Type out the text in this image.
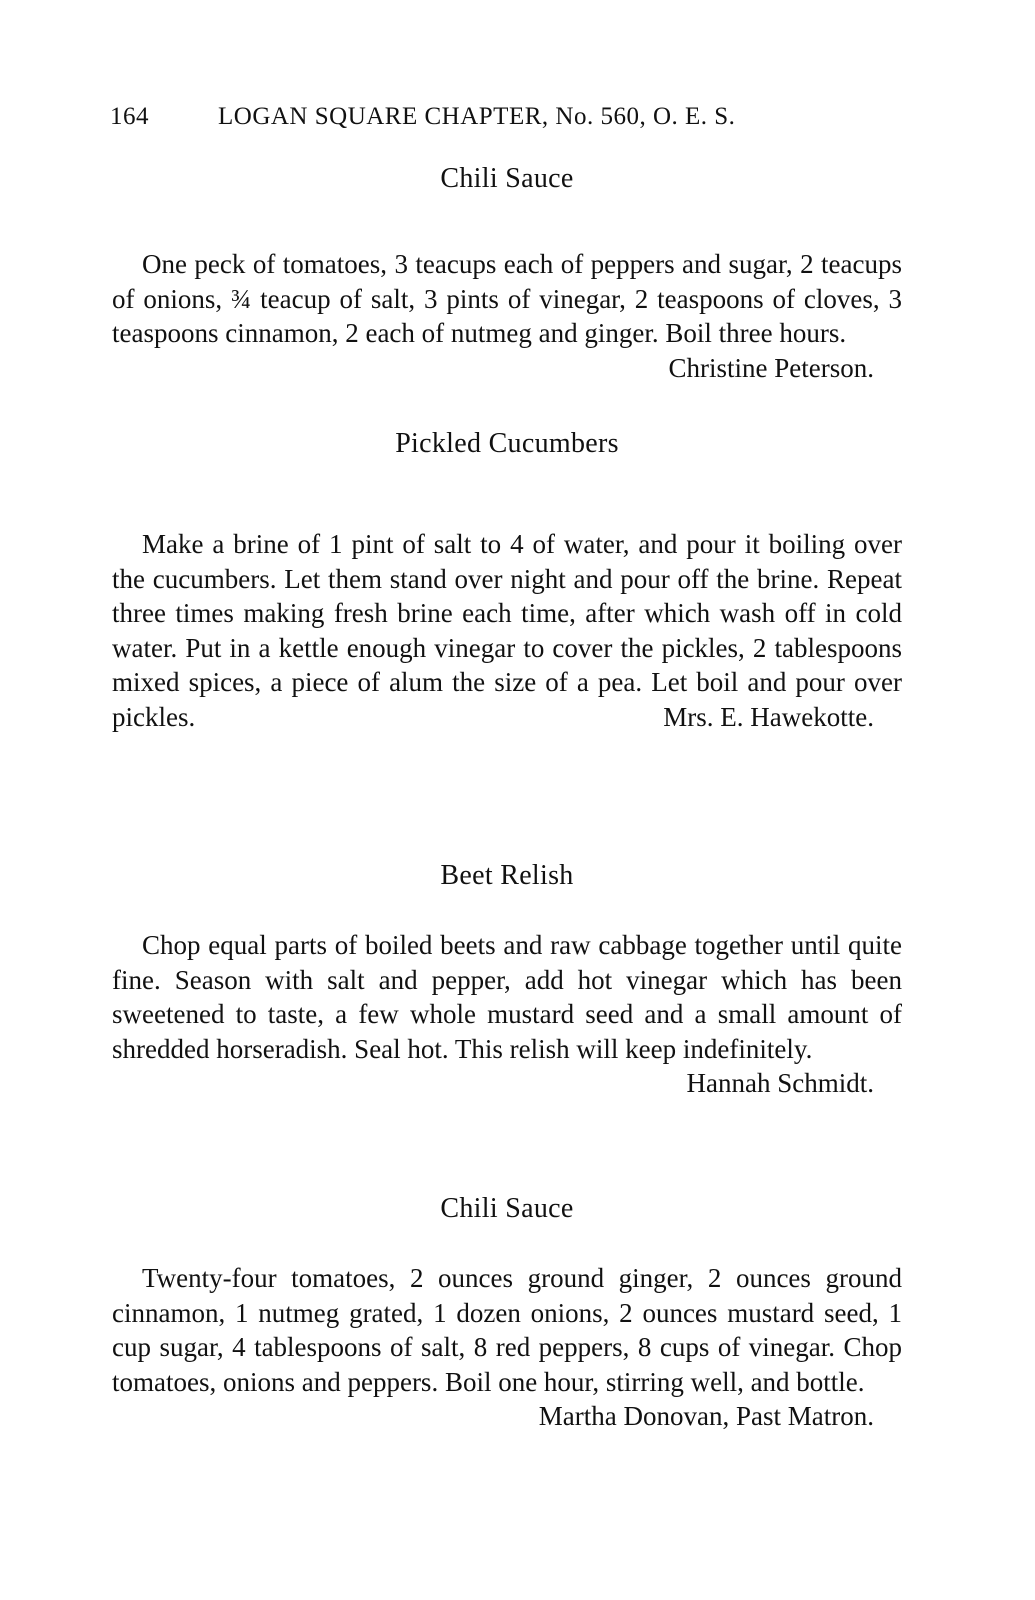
164	LOGAN SQUARE CHAPTER, No. 560, O. E. S.
Chili Sauce

One peck of tomatoes, 3 teacups each of peppers and sugar, 2 teacups of onions, ¾ teacup of salt, 3 pints of vinegar, 2 teaspoons of cloves, 3 teaspoons cinnamon, 2 each of nutmeg and ginger. Boil three hours.
Christine Peterson.

Pickled Cucumbers

Make a brine of 1 pint of salt to 4 of water, and pour it boiling over the cucumbers. Let them stand over night and pour off the brine. Repeat three times making fresh brine each time, after which wash off in cold water. Put in a kettle enough vinegar to cover the pickles, 2 tablespoons mixed spices, a piece of alum the size of a pea. Let boil and pour over pickles.	Mrs. E. Hawekotte.

Beet Relish

Chop equal parts of boiled beets and raw cabbage together until quite fine. Season with salt and pepper, add hot vinegar which has been sweetened to taste, a few whole mustard seed and a small amount of shredded horseradish. Seal hot. This relish will keep indefinitely.
Hannah Schmidt.

Chili Sauce

Twenty-four tomatoes, 2 ounces ground ginger, 2 ounces ground cinnamon, 1 nutmeg grated, 1 dozen onions, 2 ounces mustard seed, 1 cup sugar, 4 tablespoons of salt, 8 red peppers, 8 cups of vinegar. Chop tomatoes, onions and peppers. Boil one hour, stirring well, and bottle.

Martha Donovan, Past Matron.
